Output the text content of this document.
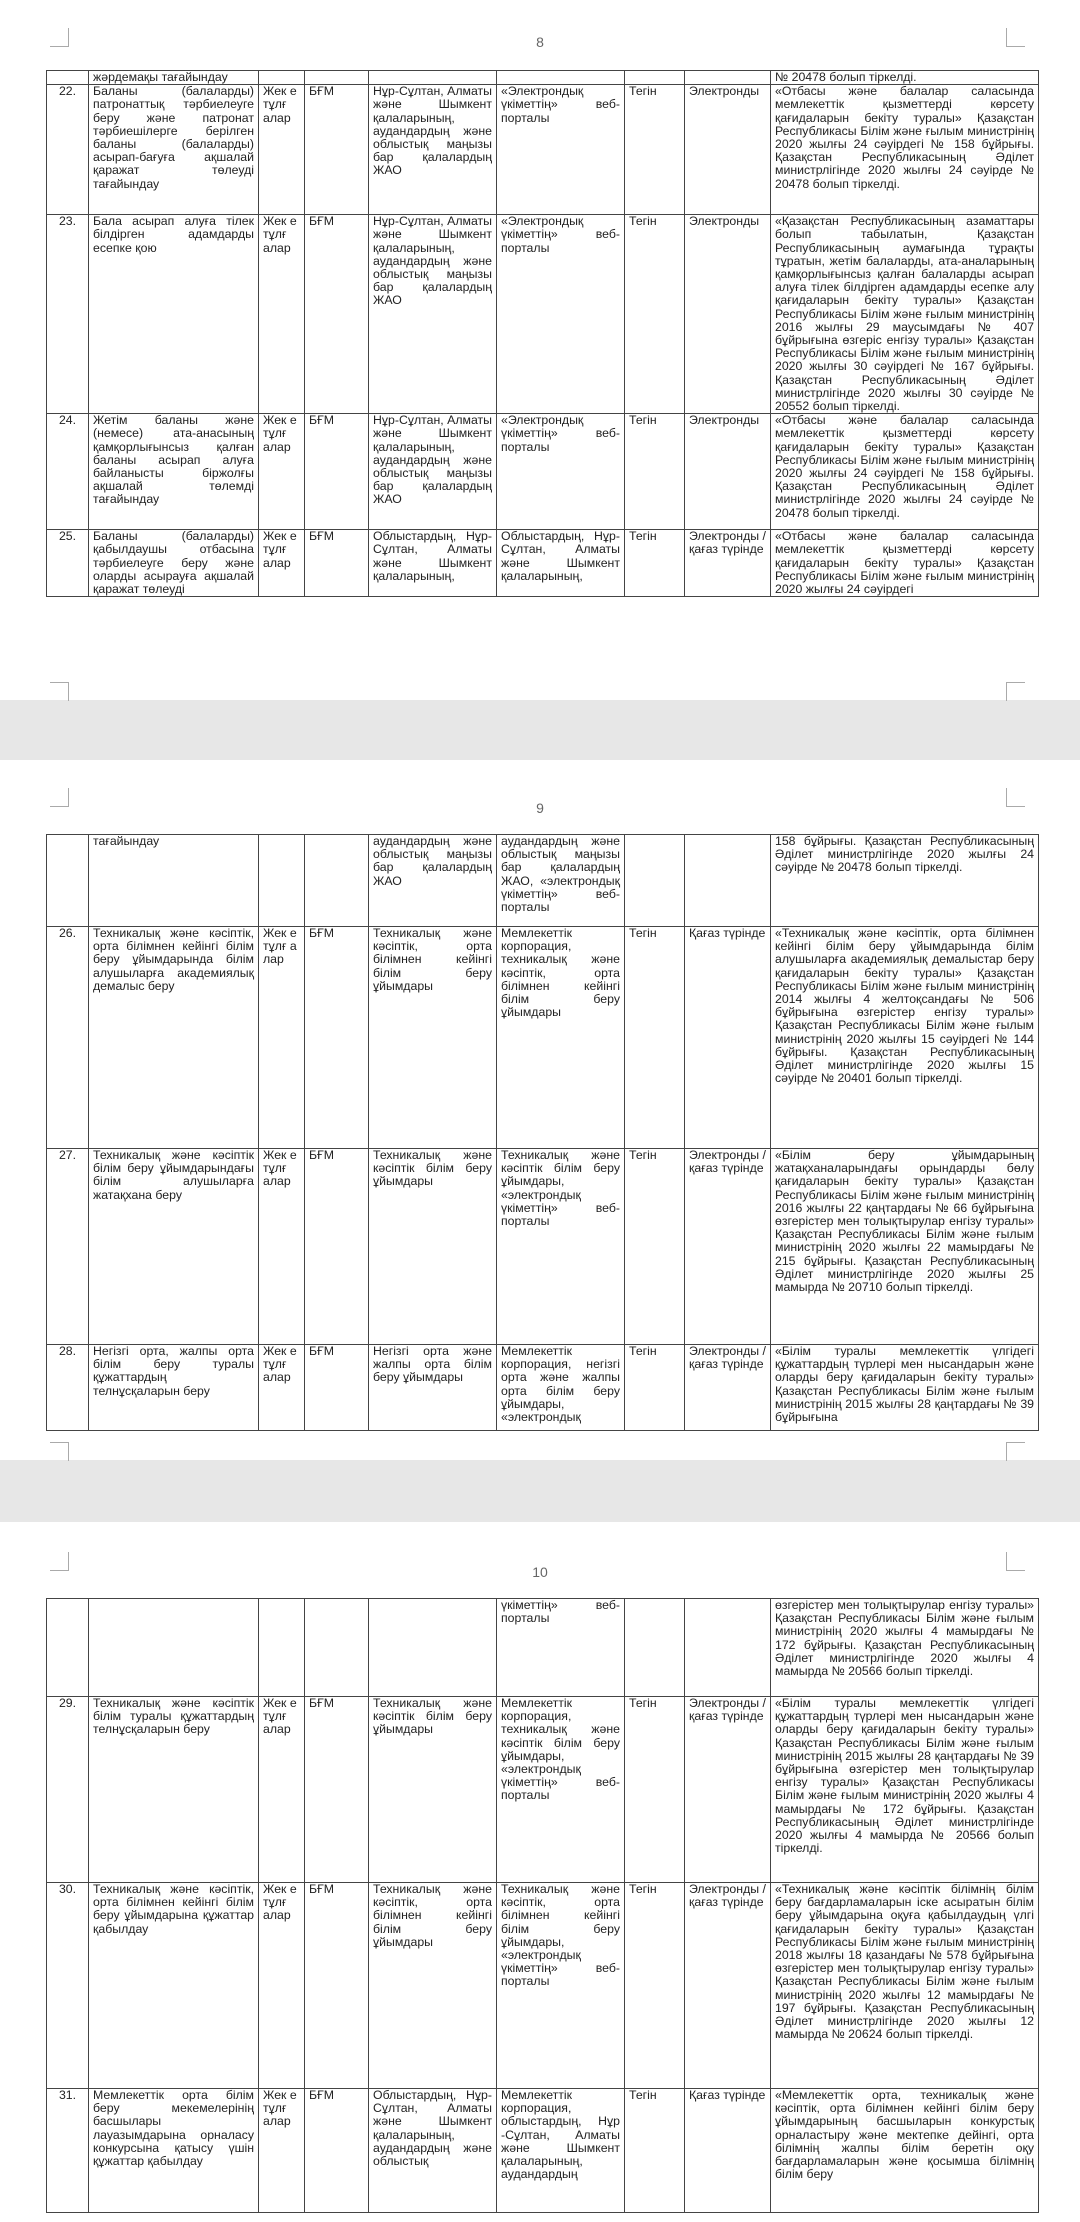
8
	жәрдемақы тағайындау							№ 20478 болып тіркелді.
22.	Баланы (балаларды) патронаттық тәрбиелеуге беру және патронат тәрбиешілерге берілген баланы (балаларды) асырап-бағуға ақшалай қаражат төлеуді тағайындау	Жек е тұлғ алар	БҒМ	Нұр-Сұлтан, Алматы және Шымкент қалаларының, аудандардың және облыстық маңызы бар қалалардың ЖАО	«Электрондық үкіметтің» веб-порталы	Тегін	Электронды	«Отбасы және балалар саласында мемлекеттік қызметтерді көрсету қағидаларын бекіту туралы» Қазақстан Республикасы Білім және ғылым министрінің 2020 жылғы 24 сәуірдегі № 158 бұйрығы. Қазақстан Республикасының Әділет министрлігінде 2020 жылғы 24 сәуірде № 20478 болып тіркелді.
23.	Бала асырап алуға тілек білдірген адамдарды есепке қою	Жек е тұлғ алар	БҒМ	Нұр-Сұлтан, Алматы және Шымкент қалаларының, аудандардың және облыстық маңызы бар қалалардың ЖАО	«Электрондық үкіметтің» веб-порталы	Тегін	Электронды	«Қазақстан Республикасының азаматтары болып табылатын, Қазақстан Республикасының аумағында тұрақты тұратын, жетім балаларды, ата-аналарының қамқорлығынсыз қалған балаларды асырап алуға тілек білдірген адамдарды есепке алу қағидаларын бекіту туралы» Қазақстан Республикасы Білім және ғылым министрінің 2016 жылғы 29 маусымдағы № 407 бұйрығына өзгеріс енгізу туралы» Қазақстан Республикасы Білім және ғылым министрінің 2020 жылғы 30 сәуірдегі № 167 бұйрығы. Қазақстан Республикасының Әділет министрлігінде 2020 жылғы 30 сәуірде № 20552 болып тіркелді.
24.	Жетім баланы және (немесе) ата-анасының қамқорлығынсыз қалған баланы асырап алуға байланысты біржолғы ақшалай төлемді тағайындау	Жек е тұлғ алар	БҒМ	Нұр-Сұлтан, Алматы және Шымкент қалаларының, аудандардың және облыстық маңызы бар қалалардың ЖАО	«Электрондық үкіметтің» веб-порталы	Тегін	Электронды	«Отбасы және балалар саласында мемлекеттік қызметтерді көрсету қағидаларын бекіту туралы» Қазақстан Республикасы Білім және ғылым министрінің 2020 жылғы 24 сәуірдегі № 158 бұйрығы. Қазақстан Республикасының Әділет министрлігінде 2020 жылғы 24 сәуірде № 20478 болып тіркелді.
25.	Баланы (балаларды) қабылдаушы отбасына тәрбиелеуге беру және оларды асырауға ақшалай қаражат төлеуді	Жек е тұлғ алар	БҒМ	Облыстардың, Нұр-Сұлтан, Алматы және Шымкент қалаларының,	Облыстардың, Нұр-Сұлтан, Алматы және Шымкент қалаларының,	Тегін	Электронды /қағаз түрінде	«Отбасы және балалар саласында мемлекеттік қызметтерді көрсету қағидаларын бекіту туралы» Қазақстан Республикасы Білім және ғылым министрінің 2020 жылғы 24 сәуірдегі
9
	тағайындау			аудандардың және облыстық маңызы бар қалалардың ЖАО	аудандардың және облыстық маңызы бар қалалардың ЖАО, «электрондық үкіметтің» веб-порталы			158 бұйрығы. Қазақстан Республикасының Әділет министрлігінде 2020 жылғы 24 сәуірде № 20478 болып тіркелді.
26.	Техникалық және кәсіптік, орта білімнен кейінгі білім беру ұйымдарында білім алушыларға академиялық демалыс беру	Жек е тұлғ а лар	БҒМ	Техникалық және кәсіптік, орта білімнен кейінгі білім беру ұйымдары	Мемлекеттік корпорация, техникалық және кәсіптік, орта білімнен кейінгі білім беру ұйымдары	Тегін	Қағаз түрінде	«Техникалық және кәсіптік, орта білімнен кейінгі білім беру ұйымдарында білім алушыларға академиялық демалыстар беру қағидаларын бекіту туралы» Қазақстан Республикасы Білім және ғылым министрінің 2014 жылғы 4 желтоқсандағы № 506 бұйрығына өзгерістер енгізу туралы» Қазақстан Республикасы Білім және ғылым министрінің 2020 жылғы 15 сәуірдегі № 144 бұйрығы. Қазақстан Республикасының Әділет министрлігінде 2020 жылғы 15 сәуірде № 20401 болып тіркелді.
27.	Техникалық және кәсіптік білім беру ұйымдарындағы білім алушыларға жатақхана беру	Жек е тұлғ алар	БҒМ	Техникалық және кәсіптік білім беру ұйымдары	Техникалық және кәсіптік білім беру ұйымдары, «электрондық үкіметтің» веб-порталы	Тегін	Электронды /қағаз түрінде	«Білім беру ұйымдарының жатақханаларындағы орындарды бөлу қағидаларын бекіту туралы» Қазақстан Республикасы Білім және ғылым министрінің 2016 жылғы 22 қаңтардағы № 66 бұйрығына өзгерістер мен толықтырулар енгізу туралы» Қазақстан Республикасы Білім және ғылым министрінің 2020 жылғы 22 мамырдағы № 215 бұйрығы. Қазақстан Республикасының Әділет министрлігінде 2020 жылғы 25 мамырда № 20710 болып тіркелді.
28.	Негізгі орта, жалпы орта білім беру туралы құжаттардың телнұсқаларын беру	Жек е тұлғ алар	БҒМ	Негізгі орта және жалпы орта білім беру ұйымдары	Мемлекеттік корпорация, негізгі орта және жалпы орта білім беру ұйымдары, «электрондық	Тегін	Электронды /қағаз түрінде	«Білім туралы мемлекеттік үлгідегі құжаттардың түрлері мен нысандарын және оларды беру қағидаларын бекіту туралы» Қазақстан Республикасы Білім және ғылым министрінің 2015 жылғы 28 қаңтардағы № 39 бұйрығына
10
					үкіметтің» веб-порталы			өзгерістер мен толықтырулар енгізу туралы» Қазақстан Республикасы Білім және ғылым министрінің 2020 жылғы 4 мамырдағы № 172 бұйрығы. Қазақстан Республикасының Әділет министрлігінде 2020 жылғы 4 мамырда № 20566 болып тіркелді.
29.	Техникалық және кәсіптік білім туралы құжаттардың телнұсқаларын беру	Жек е тұлғ алар	БҒМ	Техникалық және кәсіптік білім беру ұйымдары	Мемлекеттік корпорация, техникалық және кәсіптік білім беру ұйымдары, «электрондық үкіметтің» веб-порталы	Тегін	Электронды /қағаз түрінде	«Білім туралы мемлекеттік үлгідегі құжаттардың түрлері мен нысандарын және оларды беру қағидаларын бекіту туралы» Қазақстан Республикасы Білім және ғылым министрінің 2015 жылғы 28 қаңтардағы № 39 бұйрығына өзгерістер мен толықтырулар енгізу туралы» Қазақстан Республикасы Білім және ғылым министрінің 2020 жылғы 4 мамырдағы № 172 бұйрығы. Қазақстан Республикасының Әділет министрлігінде 2020 жылғы 4 мамырда № 20566 болып тіркелді.
30.	Техникалық және кәсіптік, орта білімнен кейінгі білім беру ұйымдарына құжаттар қабылдау	Жек е тұлғ алар	БҒМ	Техникалық және кәсіптік, орта білімнен кейінгі білім беру ұйымдары	Техникалық және кәсіптік, орта білімнен кейінгі білім беру ұйымдары, «электрондық үкіметтің» веб-порталы	Тегін	Электронды /қағаз түрінде	«Техникалық және кәсіптік білімнің білім беру бағдарламаларын іске асыратын білім беру ұйымдарына оқуға қабылдаудың үлгі қағидаларын бекіту туралы» Қазақстан Республикасы Білім және ғылым министрінің 2018 жылғы 18 қазандағы № 578 бұйрығына өзгерістер мен толықтырулар енгізу туралы» Қазақстан Республикасы Білім және ғылым министрінің 2020 жылғы 12 мамырдағы № 197 бұйрығы. Қазақстан Республикасының Әділет министрлігінде 2020 жылғы 12 мамырда № 20624 болып тіркелді.
31.	Мемлекеттік орта білім беру мекемелерінің басшылары лауазымдарына орналасу конкурсына қатысу үшін құжаттар қабылдау	Жек е тұлғ алар	БҒМ	Облыстардың, Нұр-Сұлтан, Алматы және Шымкент қалаларының, аудандардың және облыстық	Мемлекеттік корпорация, облыстардың, Нұр -Сұлтан, Алматы және Шымкент қалаларының, аудандардың	Тегін	Қағаз түрінде	«Мемлекеттік орта, техникалық және кәсіптік, орта білімнен кейінгі білім беру ұйымдарының басшыларын конкурстық орналастыру және мектепке дейінгі, орта білімнің жалпы білім беретін оқу бағдарламаларын және қосымша білімнің білім беру
